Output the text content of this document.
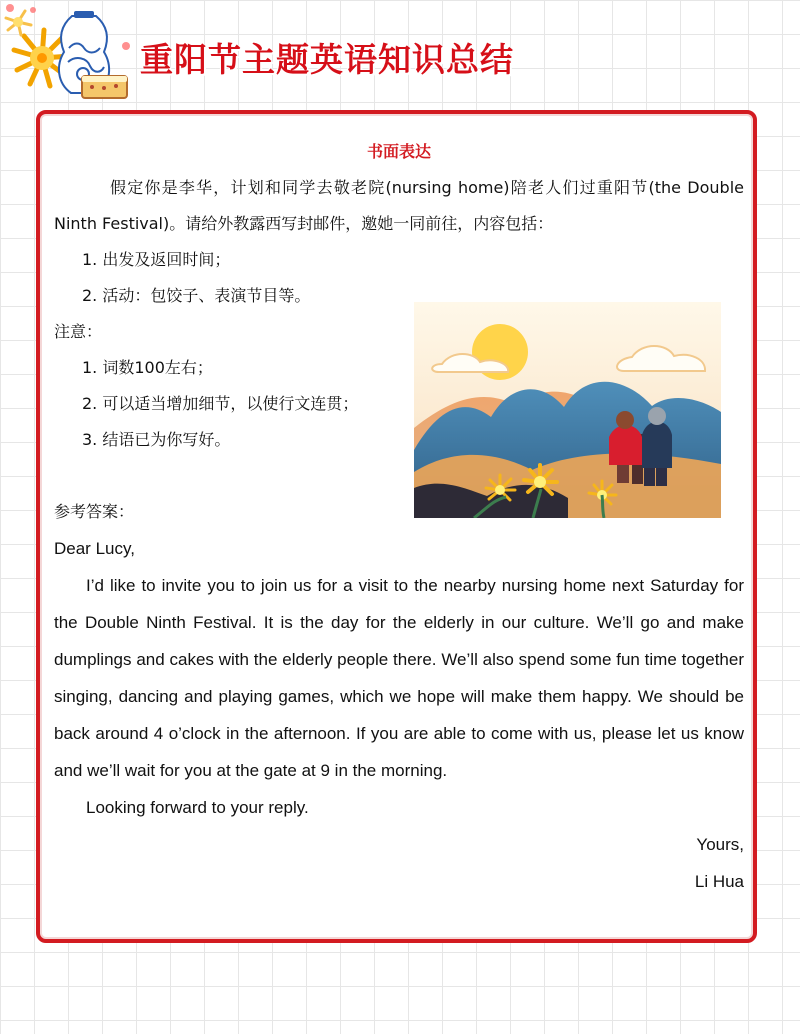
重阳节主题英语知识总结
书面表达

假定你是李华，计划和同学去敬老院(nursing home)陪老人们过重阳节(the Double Ninth Festival)。请给外教露西写封邮件，邀她一同前往，内容包括：

1. 出发及返回时间；
2. 活动：包饺子、表演节目等。

注意：

1. 词数100左右；
2. 可以适当增加细节，以使行文连贯；
3. 结语已为你写好。

参考答案：

Dear Lucy,

I’d like to invite you to join us for a visit to the nearby nursing home next Saturday for the Double Ninth Festival. It is the day for the elderly in our culture. We’ll go and make dumplings and cakes with the elderly people there. We’ll also spend some fun time together singing, dancing and playing games, which we hope will make them happy. We should be back around 4 o’clock in the afternoon. If you are able to come with us, please let us know and we’ll wait for you at the gate at 9 in the morning.

Looking forward to your reply.

Yours,

Li Hua
